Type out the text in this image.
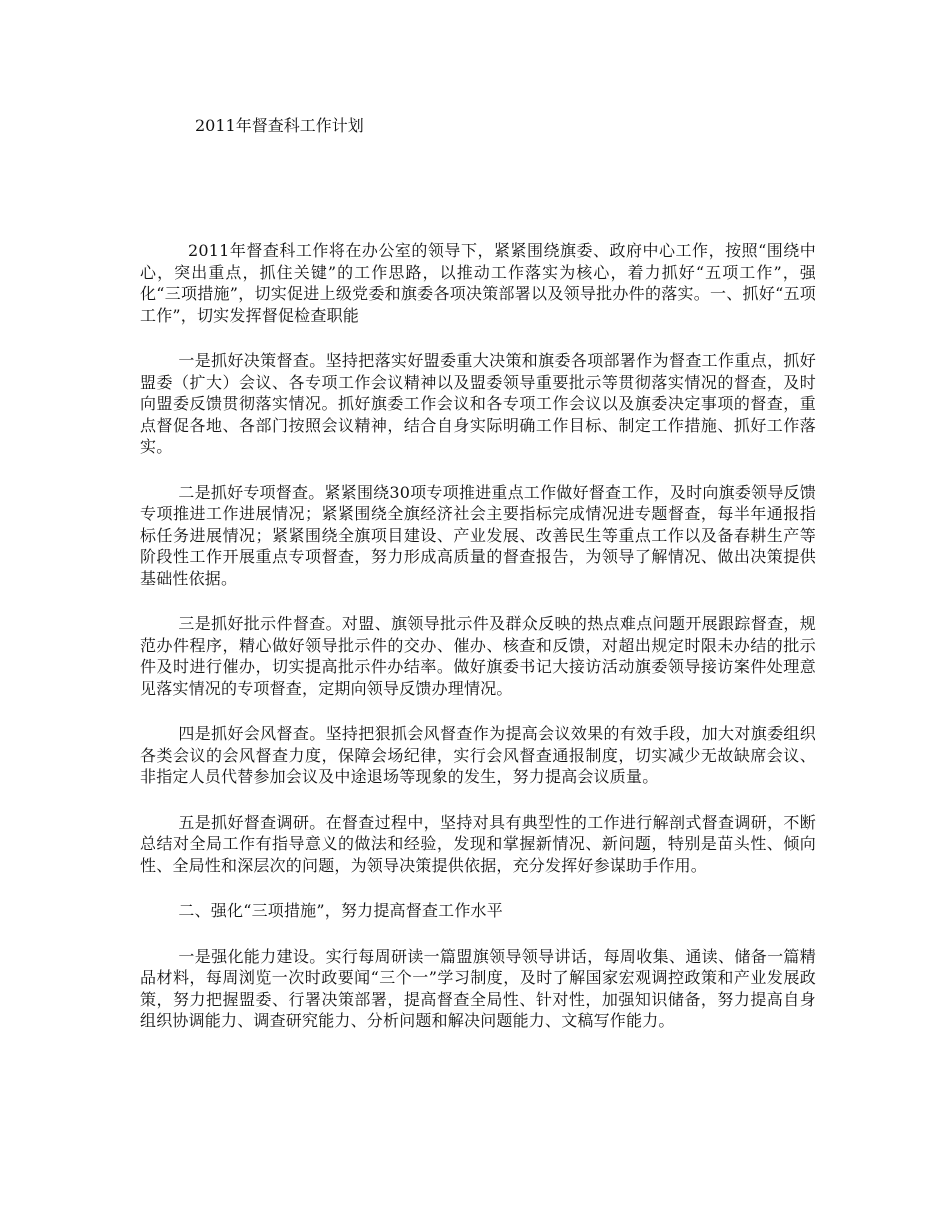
2011年督查科工作计划

2011年督查科工作将在办公室的领导下，紧紧围绕旗委、政府中心工作，按照“围绕中心，突出重点，抓住关键”的工作思路，以推动工作落实为核心，着力抓好“五项工作”，强化“三项措施”，切实促进上级党委和旗委各项决策部署以及领导批办件的落实。一、抓好“五项工作”，切实发挥督促检查职能

一是抓好决策督查。坚持把落实好盟委重大决策和旗委各项部署作为督查工作重点，抓好盟委（扩大）会议、各专项工作会议精神以及盟委领导重要批示等贯彻落实情况的督查，及时向盟委反馈贯彻落实情况。抓好旗委工作会议和各专项工作会议以及旗委决定事项的督查，重点督促各地、各部门按照会议精神，结合自身实际明确工作目标、制定工作措施、抓好工作落实。

二是抓好专项督查。紧紧围绕30项专项推进重点工作做好督查工作，及时向旗委领导反馈专项推进工作进展情况；紧紧围绕全旗经济社会主要指标完成情况进专题督查，每半年通报指标任务进展情况；紧紧围绕全旗项目建设、产业发展、改善民生等重点工作以及备春耕生产等阶段性工作开展重点专项督查，努力形成高质量的督查报告，为领导了解情况、做出决策提供基础性依据。

三是抓好批示件督查。对盟、旗领导批示件及群众反映的热点难点问题开展跟踪督查，规范办件程序，精心做好领导批示件的交办、催办、核查和反馈，对超出规定时限未办结的批示件及时进行催办，切实提高批示件办结率。做好旗委书记大接访活动旗委领导接访案件处理意见落实情况的专项督查，定期向领导反馈办理情况。

四是抓好会风督查。坚持把狠抓会风督查作为提高会议效果的有效手段，加大对旗委组织各类会议的会风督查力度，保障会场纪律，实行会风督查通报制度，切实减少无故缺席会议、非指定人员代替参加会议及中途退场等现象的发生，努力提高会议质量。

五是抓好督查调研。在督查过程中，坚持对具有典型性的工作进行解剖式督查调研，不断总结对全局工作有指导意义的做法和经验，发现和掌握新情况、新问题，特别是苗头性、倾向性、全局性和深层次的问题，为领导决策提供依据，充分发挥好参谋助手作用。

二、强化“三项措施”，努力提高督查工作水平

一是强化能力建设。实行每周研读一篇盟旗领导领导讲话，每周收集、通读、储备一篇精品材料，每周浏览一次时政要闻“三个一”学习制度，及时了解国家宏观调控政策和产业发展政策，努力把握盟委、行署决策部署，提高督查全局性、针对性，加强知识储备，努力提高自身组织协调能力、调查研究能力、分析问题和解决问题能力、文稿写作能力。
